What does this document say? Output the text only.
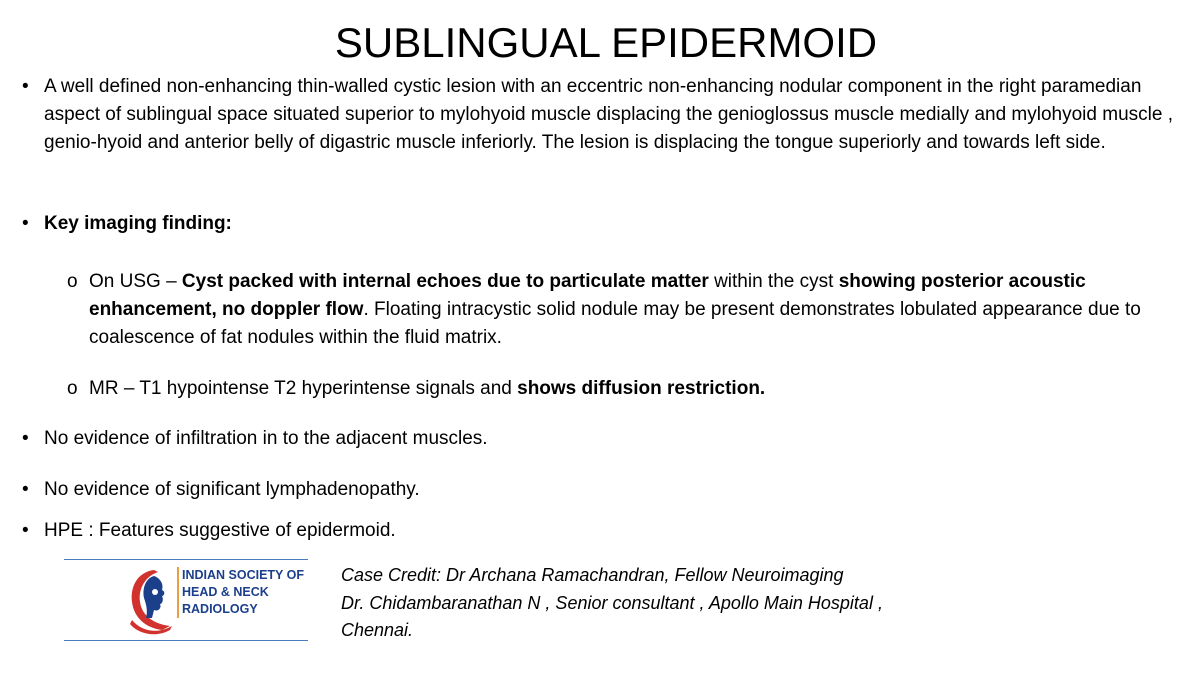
SUBLINGUAL EPIDERMOID
• A well defined non-enhancing thin-walled cystic lesion with an eccentric non-enhancing nodular component in the right paramedian aspect of sublingual space situated superior to mylohyoid muscle displacing the genioglossus muscle medially and mylohyoid muscle , genio-hyoid and anterior belly of digastric muscle inferiorly. The lesion is displacing the tongue superiorly and towards left side.
• Key imaging finding:
o On USG – Cyst packed with internal echoes due to particulate matter within the cyst showing posterior acoustic enhancement, no doppler flow. Floating intracystic solid nodule may be present demonstrates lobulated appearance due to coalescence of fat nodules within the fluid matrix.
o MR – T1 hypointense T2 hyperintense signals and shows diffusion restriction.
• No evidence of infiltration in to the adjacent muscles.
• No evidence of significant lymphadenopathy.
• HPE : Features suggestive of epidermoid.
INDIAN SOCIETY OF
HEAD & NECK
RADIOLOGY
Case Credit: Dr Archana Ramachandran, Fellow Neuroimaging
Dr. Chidambaranathan N , Senior consultant , Apollo Main Hospital ,
Chennai.
